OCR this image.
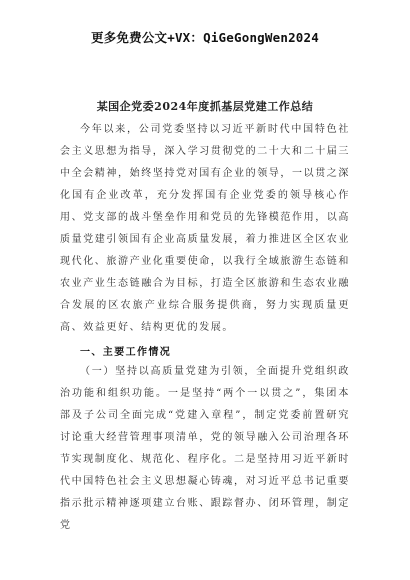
更多免费公文+VX：QiGeGongWen2024
某国企党委2024年度抓基层党建工作总结

今年以来，公司党委坚持以习近平新时代中国特色社会主义思想为指导，深入学习贯彻党的二十大和二十届三中全会精神，始终坚持党对国有企业的领导，一以贯之深化国有企业改革，充分发挥国有企业党委的领导核心作用、党支部的战斗堡垒作用和党员的先锋模范作用，以高质量党建引领国有企业高质量发展，着力推进区全区农业现代化、旅游产业化重要使命，以我行全域旅游生态链和农业产业生态链融合为目标，打造全区旅游和生态农业融合发展的区农旅产业综合服务提供商，努力实现质量更高、效益更好、结构更优的发展。

一、主要工作情况

（一）坚持以高质量党建为引领，全面提升党组织政治功能和组织功能。一是坚持“两个一以贯之”，集团本部及子公司全面完成“党建入章程”，制定党委前置研究讨论重大经营管理事项清单，党的领导融入公司治理各环节实现制度化、规范化、程序化。二是坚持用习近平新时代中国特色社会主义思想凝心铸魂，对习近平总书记重要指示批示精神逐项建立台账、跟踪督办、闭环管理，制定党
